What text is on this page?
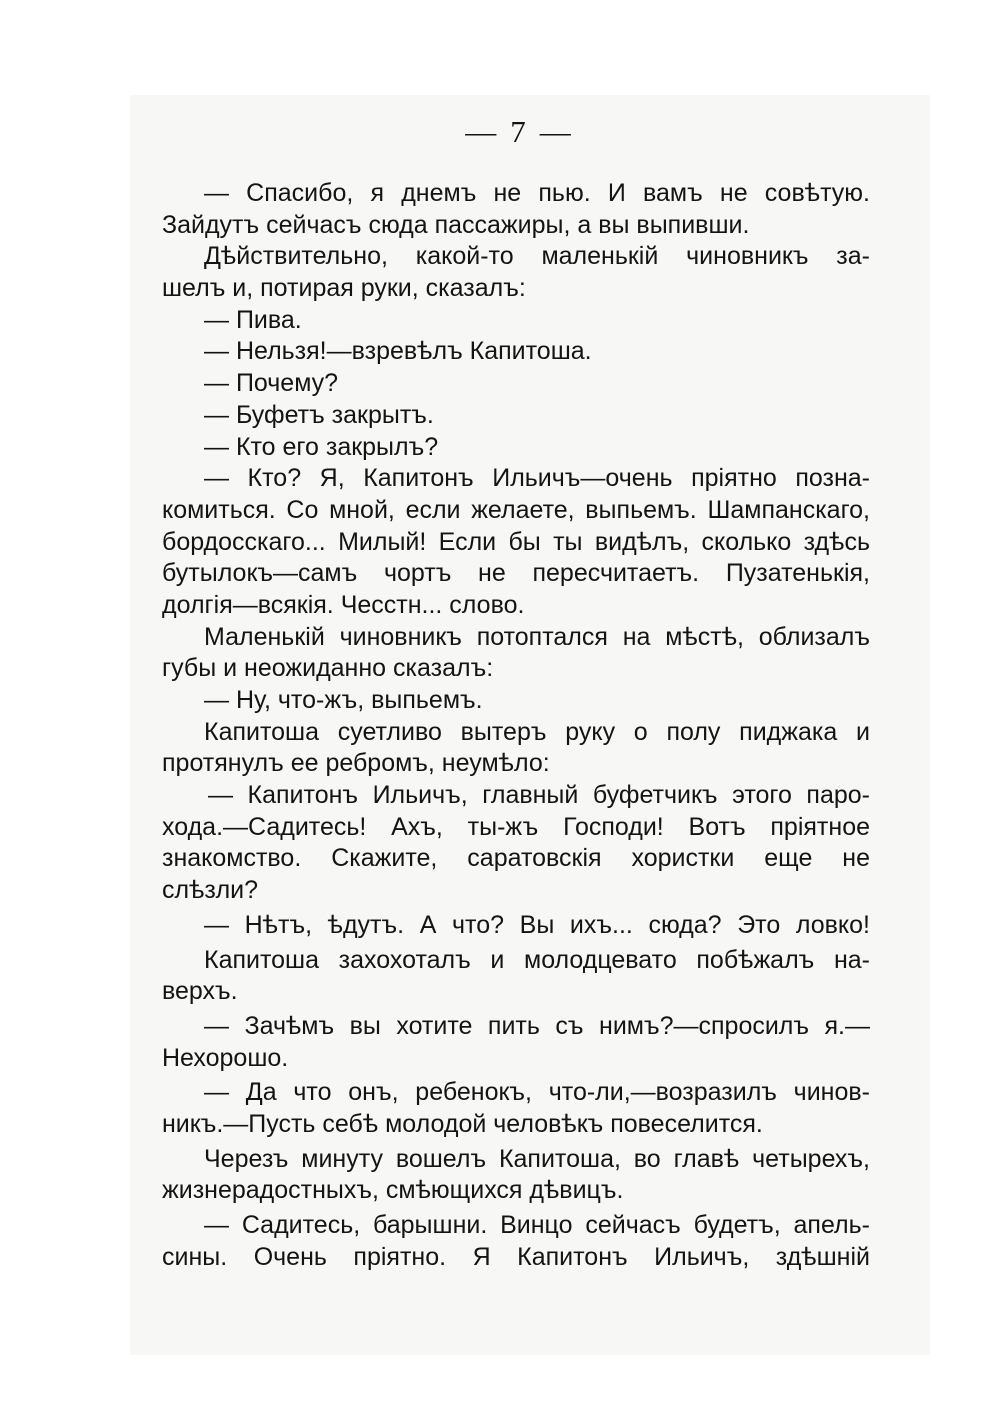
— 7 —
— Спасибо, я днемъ не пью. И вамъ не совѣтую.
Зайдутъ сейчасъ сюда пассажиры, а вы выпивши.
Дѣйствительно, какой-то маленькій чиновникъ за-
шелъ и, потирая руки, сказалъ:
— Пива.
— Нельзя!—взревѣлъ Капитоша.
— Почему?
— Буфетъ закрытъ.
— Кто его закрылъ?
— Кто? Я, Капитонъ Ильичъ—очень пріятно позна-
комиться. Со мной, если желаете, выпьемъ. Шампанскаго,
бордосскаго... Милый! Если бы ты видѣлъ, сколько здѣсь
бутылокъ—самъ чортъ не пересчитаетъ. Пузатенькія,
долгія—всякія. Чесстн... слово.
Маленькій чиновникъ потоптался на мѣстѣ, облизалъ
губы и неожиданно сказалъ:
— Ну, что-жъ, выпьемъ.
Капитоша суетливо вытеръ руку о полу пиджака и
протянулъ ее ребромъ, неумѣло:
— Капитонъ Ильичъ, главный буфетчикъ этого паро-
хода.—Садитесь! Ахъ, ты-жъ Господи! Вотъ пріятное
знакомство. Скажите, саратовскія хористки еще не
слѣзли?
— Нѣтъ, ѣдутъ. А что? Вы ихъ... сюда? Это ловко!
Капитоша захохоталъ и молодцевато побѣжалъ на-
верхъ.
— Зачѣмъ вы хотите пить съ нимъ?—спросилъ я.—
Нехорошо.
— Да что онъ, ребенокъ, что-ли,—возразилъ чинов-
никъ.—Пусть себѣ молодой человѣкъ повеселится.
Черезъ минуту вошелъ Капитоша, во главѣ четырехъ,
жизнерадостныхъ, смѣющихся дѣвицъ.
— Садитесь, барышни. Винцо сейчасъ будетъ, апель-
сины. Очень пріятно. Я Капитонъ Ильичъ, здѣшній
